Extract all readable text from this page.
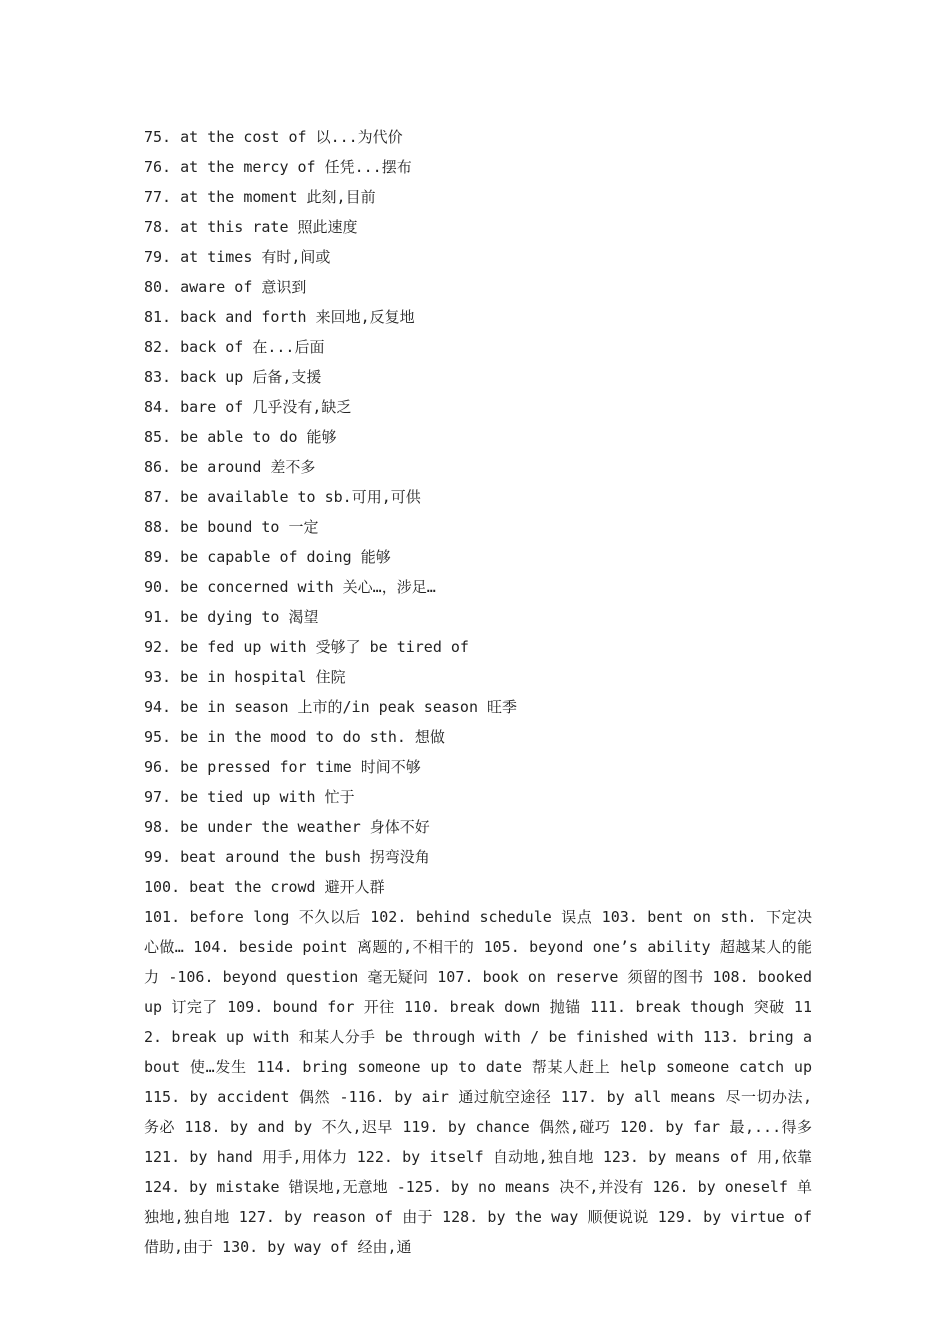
75. at the cost of 以...为代价
76. at the mercy of 任凭...摆布
77. at the moment 此刻,目前
78. at this rate 照此速度
79. at times 有时,间或
80. aware of 意识到
81. back and forth 来回地,反复地
82. back of 在...后面
83. back up 后备,支援
84. bare of 几乎没有,缺乏
85. be able to do 能够
86. be around 差不多
87. be available to sb.可用,可供
88. be bound to 一定
89. be capable of doing 能够
90. be concerned with 关心…，涉足…
91. be dying to 渴望
92. be fed up with 受够了 be tired of
93. be in hospital 住院
94. be in season 上市的/in peak season 旺季
95. be in the mood to do sth. 想做
96. be pressed for time 时间不够
97. be tied up with 忙于
98. be under the weather 身体不好
99. beat around the bush 拐弯没角
100. beat the crowd 避开人群
101. before long 不久以后 102. behind schedule 误点 103. bent on sth. 下定决心做… 104. beside point 离题的,不相干的 105. beyond one’s ability 超越某人的能力 -106. beyond question 毫无疑问 107. book on reserve 须留的图书 108. booked up 订完了 109. bound for 开往 110. break down 抛锚 111. break though 突破 112. break up with 和某人分手 be through with / be finished with 113. bring about 使…发生 114. bring someone up to date 帮某人赶上 help someone catch up 115. by accident 偶然 -116. by air 通过航空途径 117. by all means 尽一切办法,务必 118. by and by 不久,迟早 119. by chance 偶然,碰巧 120. by far 最,...得多 121. by hand 用手,用体力 122. by itself 自动地,独自地 123. by means of 用,依靠 124. by mistake 错误地,无意地 -125. by no means 决不,并没有 126. by oneself 单独地,独自地 127. by reason of 由于 128. by the way 顺便说说 129. by virtue of 借助,由于 130. by way of 经由,通
